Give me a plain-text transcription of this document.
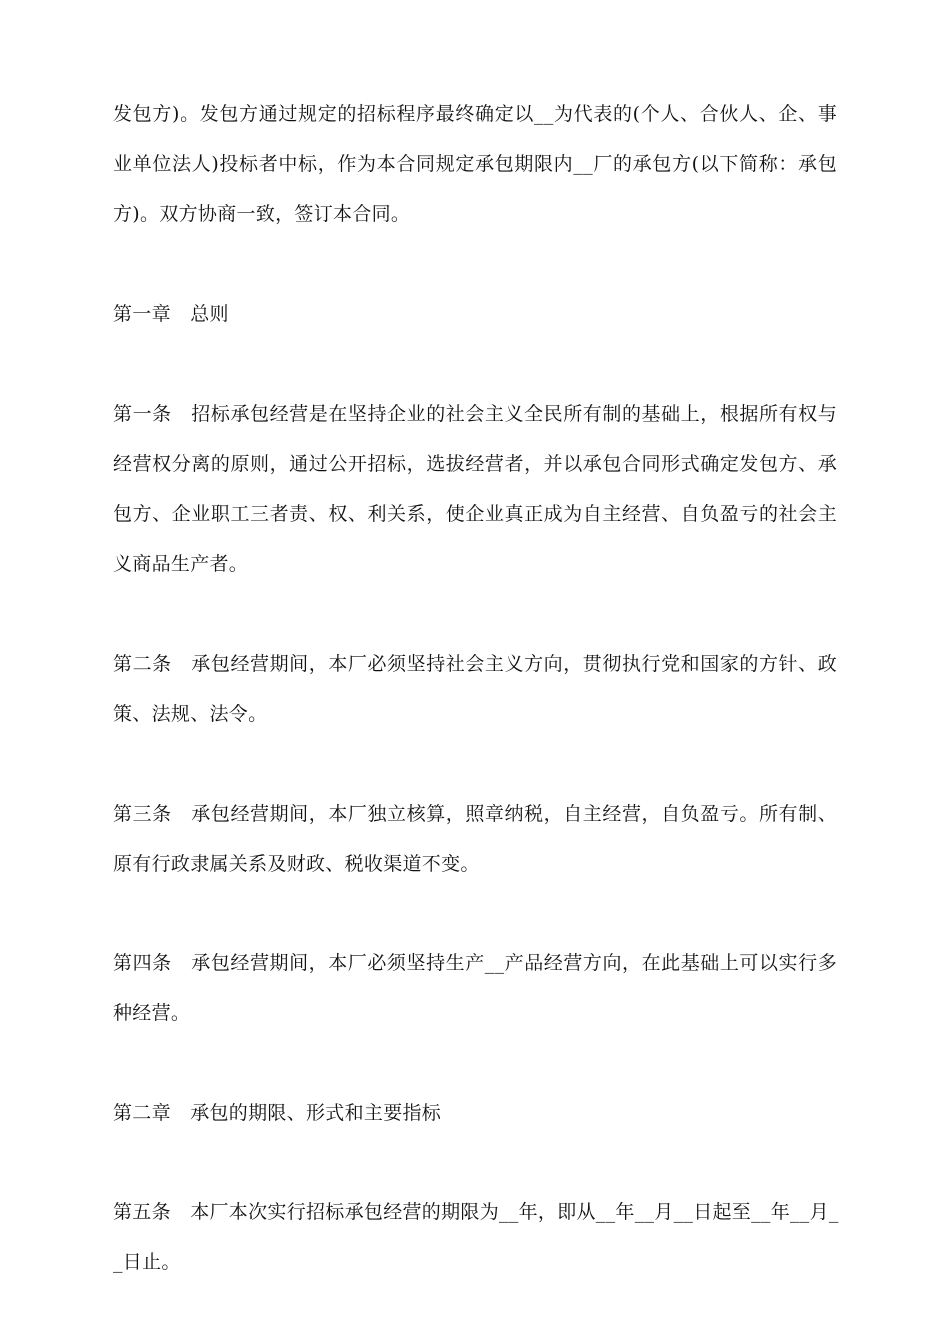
发包方)。发包方通过规定的招标程序最终确定以__为代表的(个人、合伙人、企、事
业单位法人)投标者中标，作为本合同规定承包期限内__厂的承包方(以下简称：承包
方)。双方协商一致，签订本合同。
第一章　总则
第一条　招标承包经营是在坚持企业的社会主义全民所有制的基础上，根据所有权与
经营权分离的原则，通过公开招标，选拔经营者，并以承包合同形式确定发包方、承
包方、企业职工三者责、权、利关系，使企业真正成为自主经营、自负盈亏的社会主
义商品生产者。
第二条　承包经营期间，本厂必须坚持社会主义方向，贯彻执行党和国家的方针、政
策、法规、法令。
第三条　承包经营期间，本厂独立核算，照章纳税，自主经营，自负盈亏。所有制、
原有行政隶属关系及财政、税收渠道不变。
第四条　承包经营期间，本厂必须坚持生产__产品经营方向，在此基础上可以实行多
种经营。
第二章　承包的期限、形式和主要指标
第五条　本厂本次实行招标承包经营的期限为__年，即从__年__月__日起至__年__月_
_日止。
